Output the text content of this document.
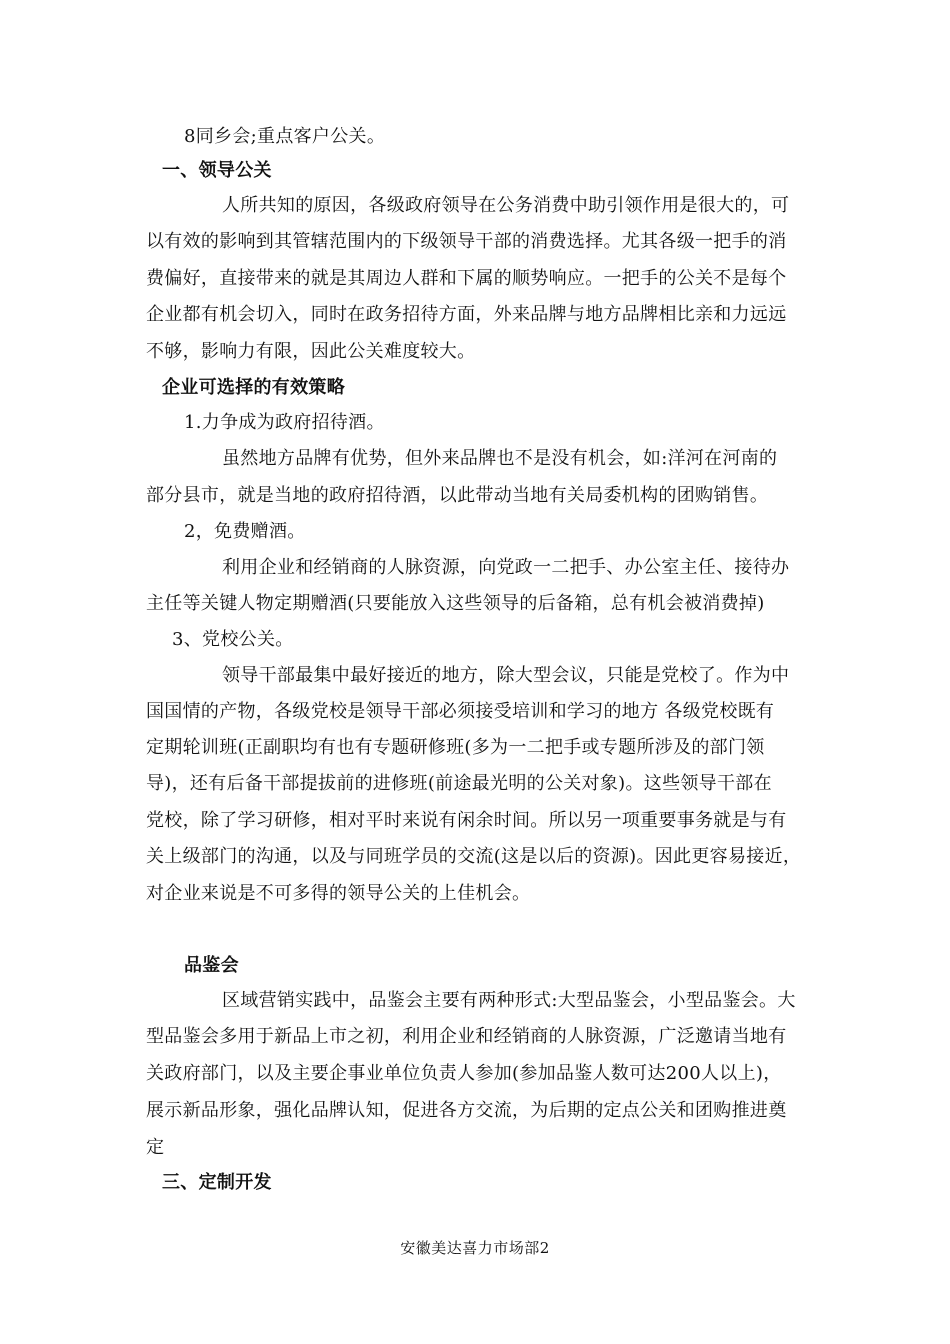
8同乡会;重点客户公关。

一、领导公关

人所共知的原因，各级政府领导在公务消费中助引领作用是很大的，可

以有效的影响到其管辖范围内的下级领导干部的消费选择。尤其各级一把手的消

费偏好，直接带来的就是其周边人群和下属的顺势响应。一把手的公关不是每个

企业都有机会切入，同时在政务招待方面，外来品牌与地方品牌相比亲和力远远

不够，影响力有限，因此公关难度较大。

企业可选择的有效策略

1.力争成为政府招待酒。

虽然地方品牌有优势，但外来品牌也不是没有机会，如:洋河在河南的

部分县市，就是当地的政府招待酒，以此带动当地有关局委机构的团购销售。

2，免费赠酒。

利用企业和经销商的人脉资源，向党政一二把手、办公室主任、接待办

主任等关键人物定期赠酒(只要能放入这些领导的后备箱，总有机会被消费掉)

3、党校公关。

领导干部最集中最好接近的地方，除大型会议，只能是党校了。作为中

国国情的产物，各级党校是领导干部必须接受培训和学习的地方 各级党校既有

定期轮训班(正副职均有也有专题研修班(多为一二把手或专题所涉及的部门领

导)，还有后备干部提拔前的进修班(前途最光明的公关对象)。这些领导干部在

党校，除了学习研修，相对平时来说有闲余时间。所以另一项重要事务就是与有

关上级部门的沟通，以及与同班学员的交流(这是以后的资源)。因此更容易接近，

对企业来说是不可多得的领导公关的上佳机会。

品鉴会

区域营销实践中，品鉴会主要有两种形式:大型品鉴会，小型品鉴会。大

型品鉴会多用于新品上市之初，利用企业和经销商的人脉资源，广泛邀请当地有

关政府部门，以及主要企事业单位负责人参加(参加品鉴人数可达200人以上)，

展示新品形象，强化品牌认知，促进各方交流，为后期的定点公关和团购推进奠

定

三、定制开发

安徽美达喜力市场部2
